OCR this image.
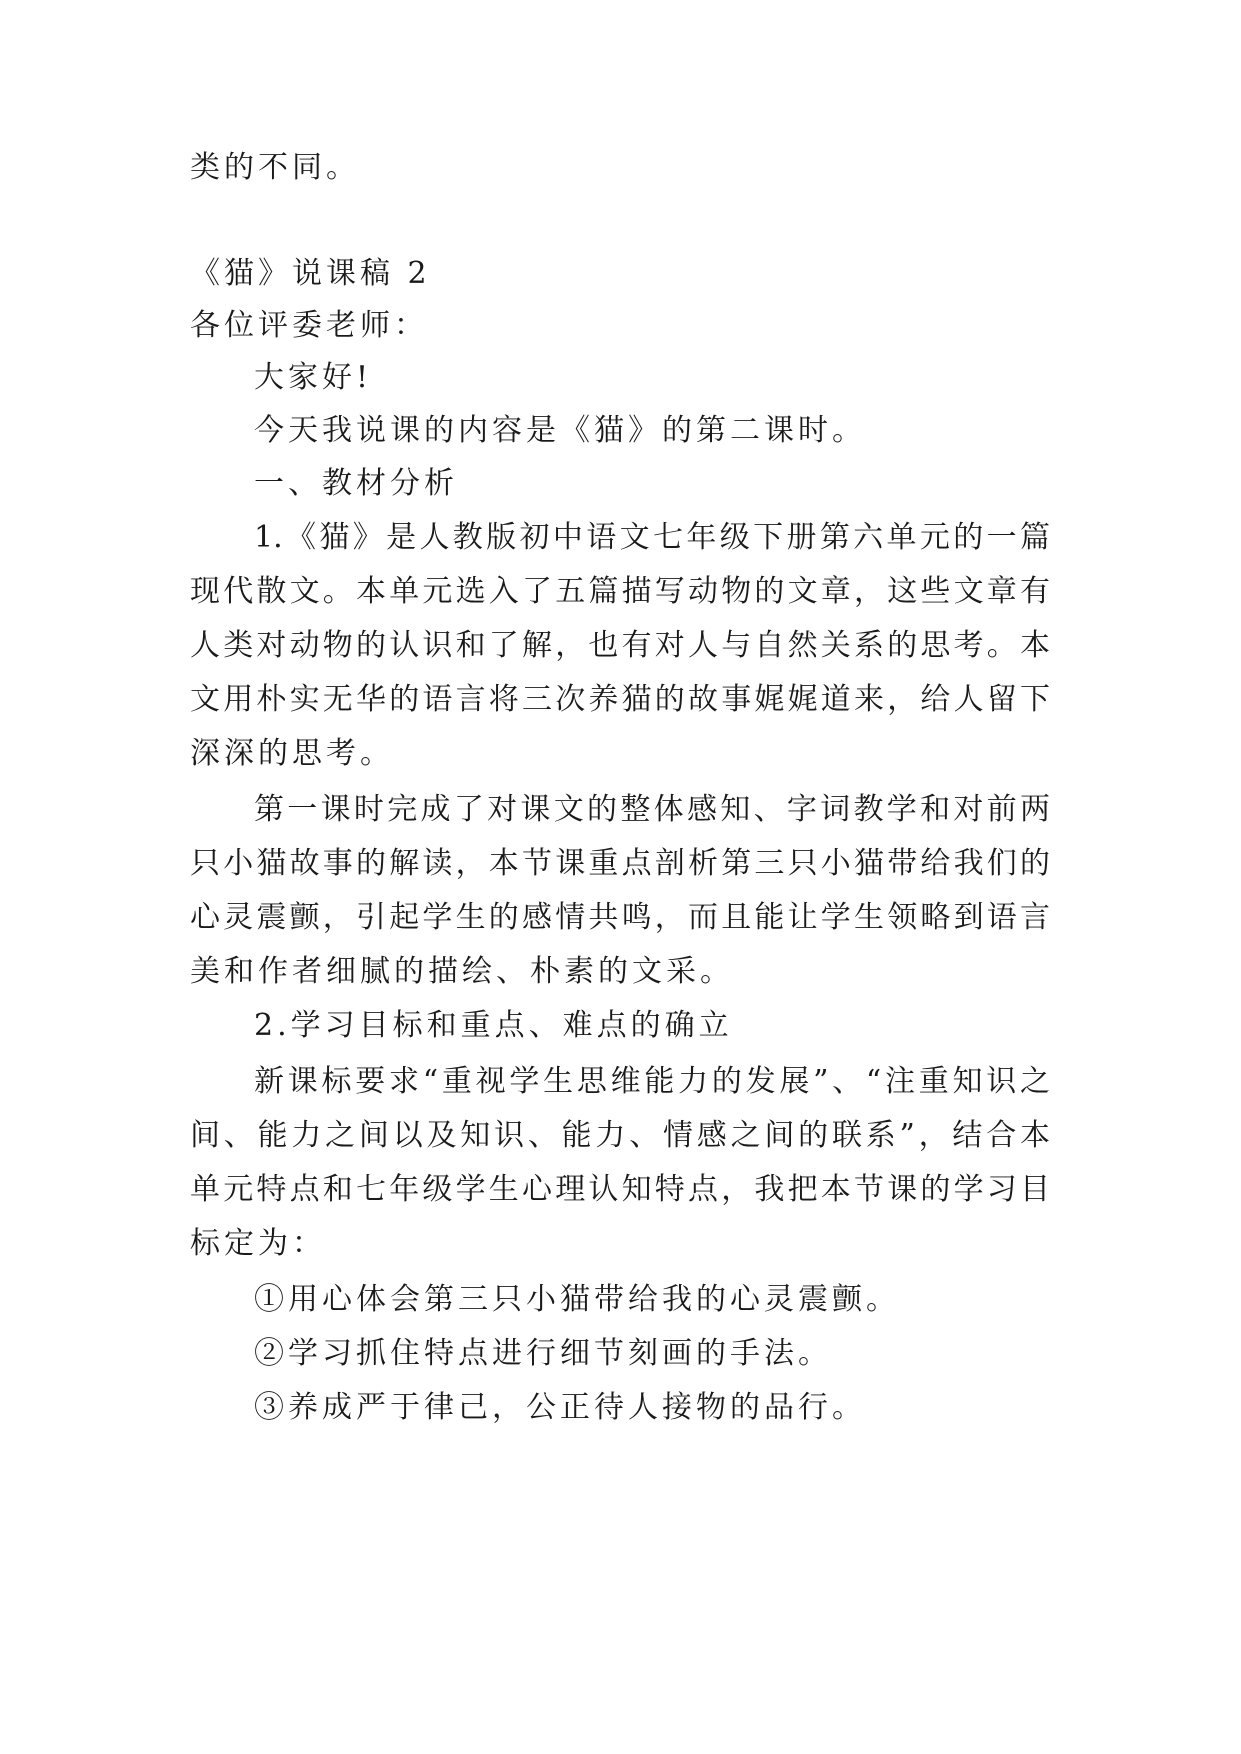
类的不同。
《猫》说课稿 2
各位评委老师：
大家好!
今天我说课的内容是《猫》的第二课时。
一、教材分析
1.《猫》是人教版初中语文七年级下册第六单元的一篇
现代散文。本单元选入了五篇描写动物的文章，这些文章有
人类对动物的认识和了解，也有对人与自然关系的思考。本
文用朴实无华的语言将三次养猫的故事娓娓道来，给人留下
深深的思考。
第一课时完成了对课文的整体感知、字词教学和对前两
只小猫故事的解读，本节课重点剖析第三只小猫带给我们的
心灵震颤，引起学生的感情共鸣，而且能让学生领略到语言
美和作者细腻的描绘、朴素的文采。
2.学习目标和重点、难点的确立
新课标要求“重视学生思维能力的发展”、“注重知识之
间、能力之间以及知识、能力、情感之间的联系”，结合本
单元特点和七年级学生心理认知特点，我把本节课的学习目
标定为：
①用心体会第三只小猫带给我的心灵震颤。
②学习抓住特点进行细节刻画的手法。
③养成严于律己，公正待人接物的品行。
